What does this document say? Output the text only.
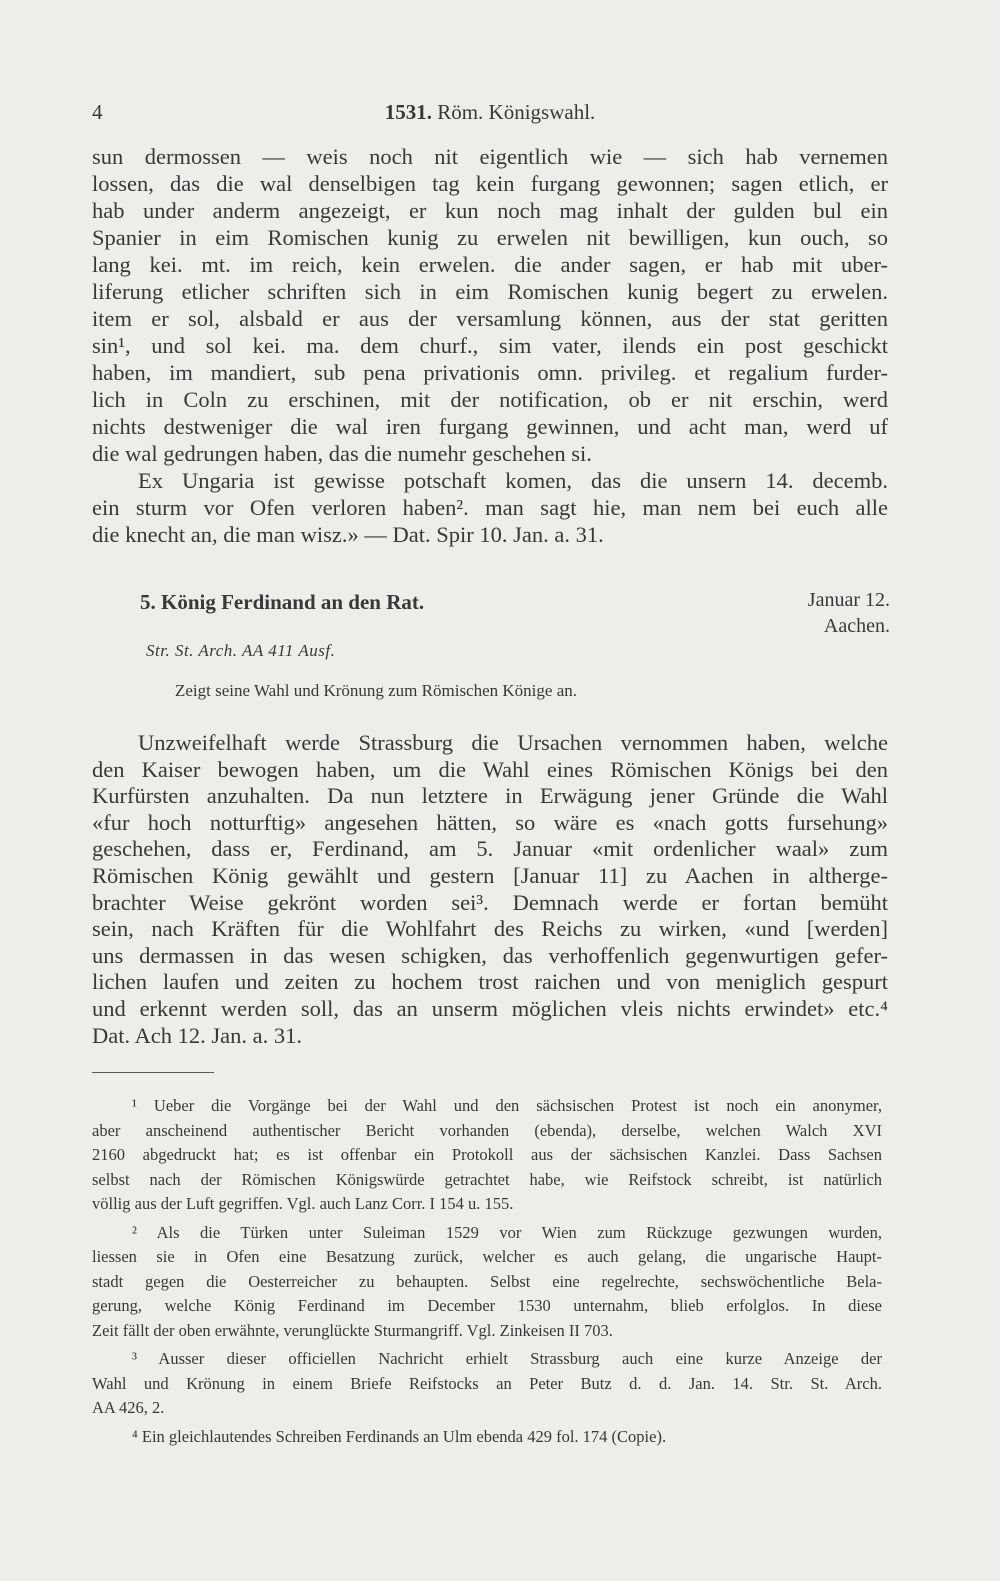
4	1531. Röm. Königswahl.
sun dermossen — weis noch nit eigentlich wie — sich hab vernemen
lossen, das die wal denselbigen tag kein furgang gewonnen; sagen etlich, er
hab under anderm angezeigt, er kun noch mag inhalt der gulden bul ein
Spanier in eim Romischen kunig zu erwelen nit bewilligen, kun ouch, so
lang kei. mt. im reich, kein erwelen. die ander sagen, er hab mit uber-
liferung etlicher schriften sich in eim Romischen kunig begert zu erwelen.
item er sol, alsbald er aus der versamlung können, aus der stat geritten
sin¹, und sol kei. ma. dem churf., sim vater, ilends ein post geschickt
haben, im mandiert, sub pena privationis omn. privileg. et regalium furder-
lich in Coln zu erschinen, mit der notification, ob er nit erschin, werd
nichts destweniger die wal iren furgang gewinnen, und acht man, werd uf
die wal gedrungen haben, das die numehr geschehen si.
Ex Ungaria ist gewisse potschaft komen, das die unsern 14. decemb.
ein sturm vor Ofen verloren haben². man sagt hie, man nem bei euch alle
die knecht an, die man wisz.» — Dat. Spir 10. Jan. a. 31.
5. König Ferdinand an den Rat.	Januar 12.
Aachen.
Str. St. Arch. AA 411 Ausf.
Zeigt seine Wahl und Krönung zum Römischen Könige an.
Unzweifelhaft werde Strassburg die Ursachen vernommen haben, welche
den Kaiser bewogen haben, um die Wahl eines Römischen Königs bei den
Kurfürsten anzuhalten. Da nun letztere in Erwägung jener Gründe die Wahl
«fur hoch notturftig» angesehen hätten, so wäre es «nach gotts fursehung»
geschehen, dass er, Ferdinand, am 5. Januar «mit ordenlicher waal» zum
Römischen König gewählt und gestern [Januar 11] zu Aachen in altherge-
brachter Weise gekrönt worden sei³. Demnach werde er fortan bemüht
sein, nach Kräften für die Wohlfahrt des Reichs zu wirken, «und [werden]
uns dermassen in das wesen schigken, das verhoffenlich gegenwurtigen gefer-
lichen laufen und zeiten zu hochem trost raichen und von meniglich gespurt
und erkennt werden soll, das an unserm möglichen vleis nichts erwindet» etc.⁴
Dat. Ach 12. Jan. a. 31.
¹ Ueber die Vorgänge bei der Wahl und den sächsischen Protest ist noch ein anonymer,
aber anscheinend authentischer Bericht vorhanden (ebenda), derselbe, welchen Walch XVI
2160 abgedruckt hat; es ist offenbar ein Protokoll aus der sächsischen Kanzlei. Dass Sachsen
selbst nach der Römischen Königswürde getrachtet habe, wie Reifstock schreibt, ist natürlich
völlig aus der Luft gegriffen. Vgl. auch Lanz Corr. I 154 u. 155.
² Als die Türken unter Suleiman 1529 vor Wien zum Rückzuge gezwungen wurden,
liessen sie in Ofen eine Besatzung zurück, welcher es auch gelang, die ungarische Haupt-
stadt gegen die Oesterreicher zu behaupten. Selbst eine regelrechte, sechswöchentliche Bela-
gerung, welche König Ferdinand im December 1530 unternahm, blieb erfolglos. In diese
Zeit fällt der oben erwähnte, verunglückte Sturmangriff. Vgl. Zinkeisen II 703.
³ Ausser dieser officiellen Nachricht erhielt Strassburg auch eine kurze Anzeige der
Wahl und Krönung in einem Briefe Reifstocks an Peter Butz d. d. Jan. 14. Str. St. Arch.
AA 426, 2.
⁴ Ein gleichlautendes Schreiben Ferdinands an Ulm ebenda 429 fol. 174 (Copie).
